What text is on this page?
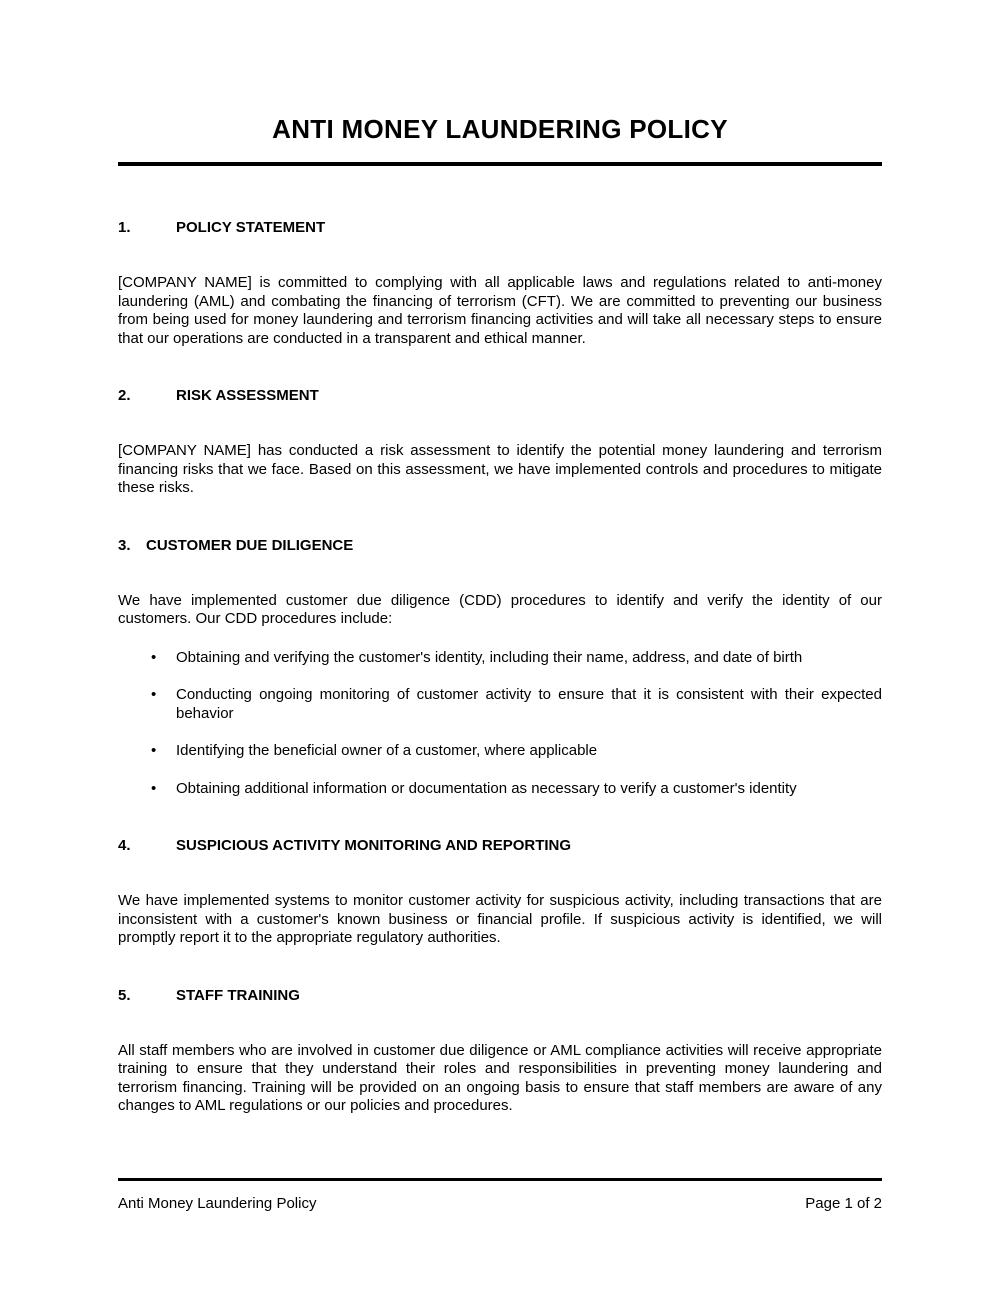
ANTI MONEY LAUNDERING POLICY
1.	POLICY STATEMENT

[COMPANY NAME] is committed to complying with all applicable laws and regulations related to anti-money laundering (AML) and combating the financing of terrorism (CFT). We are committed to preventing our business from being used for money laundering and terrorism financing activities and will take all necessary steps to ensure that our operations are conducted in a transparent and ethical manner.

2.	RISK ASSESSMENT

[COMPANY NAME] has conducted a risk assessment to identify the potential money laundering and terrorism financing risks that we face. Based on this assessment, we have implemented controls and procedures to mitigate these risks.

3. CUSTOMER DUE DILIGENCE

We have implemented customer due diligence (CDD) procedures to identify and verify the identity of our customers. Our CDD procedures include:

•	Obtaining and verifying the customer's identity, including their name, address, and date of birth
•	Conducting ongoing monitoring of customer activity to ensure that it is consistent with their expected behavior
•	Identifying the beneficial owner of a customer, where applicable
•	Obtaining additional information or documentation as necessary to verify a customer's identity
4.	SUSPICIOUS ACTIVITY MONITORING AND REPORTING

We have implemented systems to monitor customer activity for suspicious activity, including transactions that are inconsistent with a customer's known business or financial profile. If suspicious activity is identified, we will promptly report it to the appropriate regulatory authorities.

5.	STAFF TRAINING

All staff members who are involved in customer due diligence or AML compliance activities will receive appropriate training to ensure that they understand their roles and responsibilities in preventing money laundering and terrorism financing. Training will be provided on an ongoing basis to ensure that staff members are aware of any changes to AML regulations or our policies and procedures.

Anti Money Laundering Policy	Page 1 of 2
